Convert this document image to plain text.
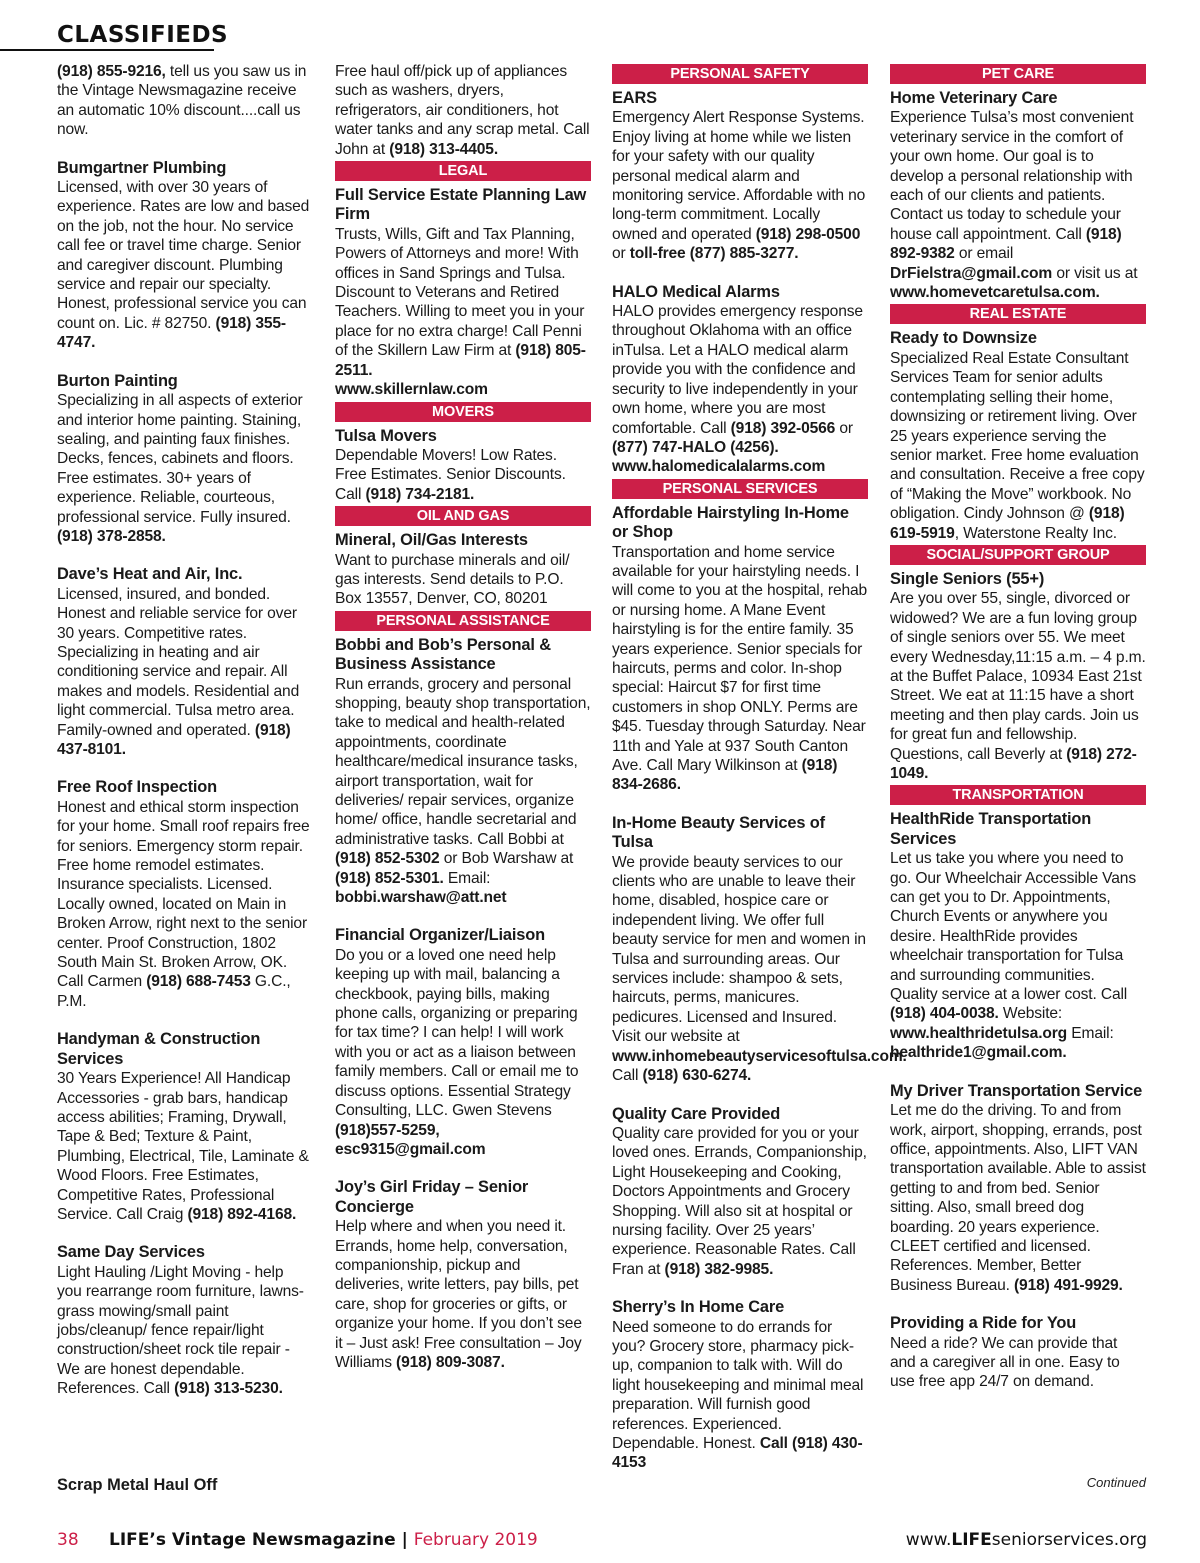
CLASSIFIEDS
(918) 855-9216, tell us you saw us in the Vintage Newsmagazine receive an automatic 10% discount....call us now.
Bumgartner Plumbing
Licensed, with over 30 years of experience. Rates are low and based on the job, not the hour. No service call fee or travel time charge. Senior and caregiver discount. Plumbing service and repair our specialty. Honest, professional service you can count on. Lic. # 82750. (918) 355-4747.
Burton Painting
Specializing in all aspects of exterior and interior home painting. Staining, sealing, and painting faux finishes. Decks, fences, cabinets and floors. Free estimates. 30+ years of experience. Reliable, courteous, professional service. Fully insured. (918) 378-2858.
Dave’s Heat and Air, Inc.
Licensed, insured, and bonded. Honest and reliable service for over 30 years. Competitive rates. Specializing in heating and air conditioning service and repair. All makes and models. Residential and light commercial. Tulsa metro area. Family-owned and operated. (918) 437-8101.
Free Roof Inspection
Honest and ethical storm inspection for your home. Small roof repairs free for seniors. Emergency storm repair. Free home remodel estimates. Insurance specialists. Licensed. Locally owned, located on Main in Broken Arrow, right next to the senior center. Proof Construction, 1802 South Main St. Broken Arrow, OK. Call Carmen (918) 688-7453 G.C., P.M.
Handyman & Construction Services
30 Years Experience! All Handicap Accessories - grab bars, handicap access abilities; Framing, Drywall, Tape & Bed; Texture & Paint, Plumbing, Electrical, Tile, Laminate & Wood Floors. Free Estimates, Competitive Rates, Professional Service. Call Craig (918) 892-4168.
Same Day Services
Light Hauling /Light Moving - help you rearrange room furniture, lawns-grass mowing/small paint jobs/cleanup/ fence repair/light construction/sheet rock tile repair - We are honest dependable. References. Call (918) 313-5230.
Scrap Metal Haul Off
Free haul off/pick up of appliances such as washers, dryers, refrigerators, air conditioners, hot water tanks and any scrap metal. Call John at (918) 313-4405.
LEGAL
Full Service Estate Planning Law Firm
Trusts, Wills, Gift and Tax Planning, Powers of Attorneys and more! With offices in Sand Springs and Tulsa. Discount to Veterans and Retired Teachers. Willing to meet you in your place for no extra charge! Call Penni of the Skillern Law Firm at (918) 805-2511.
www.skillernlaw.com
MOVERS
Tulsa Movers
Dependable Movers! Low Rates. Free Estimates. Senior Discounts. Call (918) 734-2181.
OIL AND GAS
Mineral, Oil/Gas Interests
Want to purchase minerals and oil/ gas interests. Send details to P.O. Box 13557, Denver, CO, 80201
PERSONAL ASSISTANCE
Bobbi and Bob’s Personal & Business Assistance
Run errands, grocery and personal shopping, beauty shop transportation, take to medical and health-related appointments, coordinate healthcare/medical insurance tasks, airport transportation, wait for deliveries/ repair services, organize home/ office, handle secretarial and administrative tasks. Call Bobbi at (918) 852-5302 or Bob Warshaw at (918) 852-5301. Email: bobbi.warshaw@att.net
Financial Organizer/Liaison
Do you or a loved one need help keeping up with mail, balancing a checkbook, paying bills, making phone calls, organizing or preparing for tax time? I can help! I will work with you or act as a liaison between family members. Call or email me to discuss options. Essential Strategy Consulting, LLC. Gwen Stevens (918)557-5259, esc9315@gmail.com
Joy’s Girl Friday – Senior Concierge
Help where and when you need it. Errands, home help, conversation, companionship, pickup and deliveries, write letters, pay bills, pet care, shop for groceries or gifts, or organize your home. If you don’t see it – Just ask! Free consultation – Joy Williams (918) 809-3087.
PERSONAL SAFETY
EARS
Emergency Alert Response Systems. Enjoy living at home while we listen for your safety with our quality personal medical alarm and monitoring service. Affordable with no long-term commitment. Locally owned and operated (918) 298-0500 or toll-free (877) 885-3277.
HALO Medical Alarms
HALO provides emergency response throughout Oklahoma with an office inTulsa. Let a HALO medical alarm provide you with the confidence and security to live independently in your own home, where you are most comfortable. Call (918) 392-0566 or (877) 747-HALO (4256).
www.halomedicalalarms.com
PERSONAL SERVICES
Affordable Hairstyling In-Home or Shop
Transportation and home service available for your hairstyling needs. I will come to you at the hospital, rehab or nursing home. A Mane Event hairstyling is for the entire family. 35 years experience. Senior specials for haircuts, perms and color. In-shop special: Haircut $7 for first time customers in shop ONLY. Perms are $45. Tuesday through Saturday. Near 11th and Yale at 937 South Canton Ave. Call Mary Wilkinson at (918) 834-2686.
In-Home Beauty Services of Tulsa
We provide beauty services to our clients who are unable to leave their home, disabled, hospice care or independent living. We offer full beauty service for men and women in Tulsa and surrounding areas. Our services include: shampoo & sets, haircuts, perms, manicures. pedicures. Licensed and Insured. Visit our website at www.inhomebeautyservicesoftulsa.com. Call (918) 630-6274.
Quality Care Provided
Quality care provided for you or your loved ones. Errands, Companionship, Light Housekeeping and Cooking, Doctors Appointments and Grocery Shopping. Will also sit at hospital or nursing facility. Over 25 years’ experience. Reasonable Rates. Call Fran at (918) 382-9985.
Sherry’s In Home Care
Need someone to do errands for you? Grocery store, pharmacy pick-up, companion to talk with. Will do light housekeeping and minimal meal preparation. Will furnish good references. Experienced. Dependable. Honest. Call (918) 430-4153
PET CARE
Home Veterinary Care
Experience Tulsa’s most convenient veterinary service in the comfort of your own home. Our goal is to develop a personal relationship with each of our clients and patients. Contact us today to schedule your house call appointment. Call (918) 892-9382 or email DrFielstra@gmail.com or visit us at www.homevetcaretulsa.com.
REAL ESTATE
Ready to Downsize
Specialized Real Estate Consultant Services Team for senior adults contemplating selling their home, downsizing or retirement living. Over 25 years experience serving the senior market. Free home evaluation and consultation. Receive a free copy of “Making the Move” workbook. No obligation. Cindy Johnson @ (918) 619-5919, Waterstone Realty Inc.
SOCIAL/SUPPORT GROUP
Single Seniors (55+)
Are you over 55, single, divorced or widowed? We are a fun loving group of single seniors over 55. We meet every Wednesday,11:15 a.m. – 4 p.m. at the Buffet Palace, 10934 East 21st Street. We eat at 11:15 have a short meeting and then play cards. Join us for great fun and fellowship. Questions, call Beverly at (918) 272-1049.
TRANSPORTATION
HealthRide Transportation Services
Let us take you where you need to go. Our Wheelchair Accessible Vans can get you to Dr. Appointments, Church Events or anywhere you desire. HealthRide provides wheelchair transportation for Tulsa and surrounding communities. Quality service at a lower cost. Call (918) 404-0038. Website: www.healthridetulsa.org Email: healthride1@gmail.com.
My Driver Transportation Service
Let me do the driving. To and from work, airport, shopping, errands, post office, appointments. Also, LIFT VAN transportation available. Able to assist getting to and from bed. Senior sitting. Also, small breed dog boarding. 20 years experience. CLEET certified and licensed. References. Member, Better Business Bureau. (918) 491-9929.
Providing a Ride for You
Need a ride? We can provide that and a caregiver all in one. Easy to use free app 24/7 on demand.
Continued
38 LIFE’s Vintage Newsmagazine | February 2019	www.LIFEseniorservices.org
